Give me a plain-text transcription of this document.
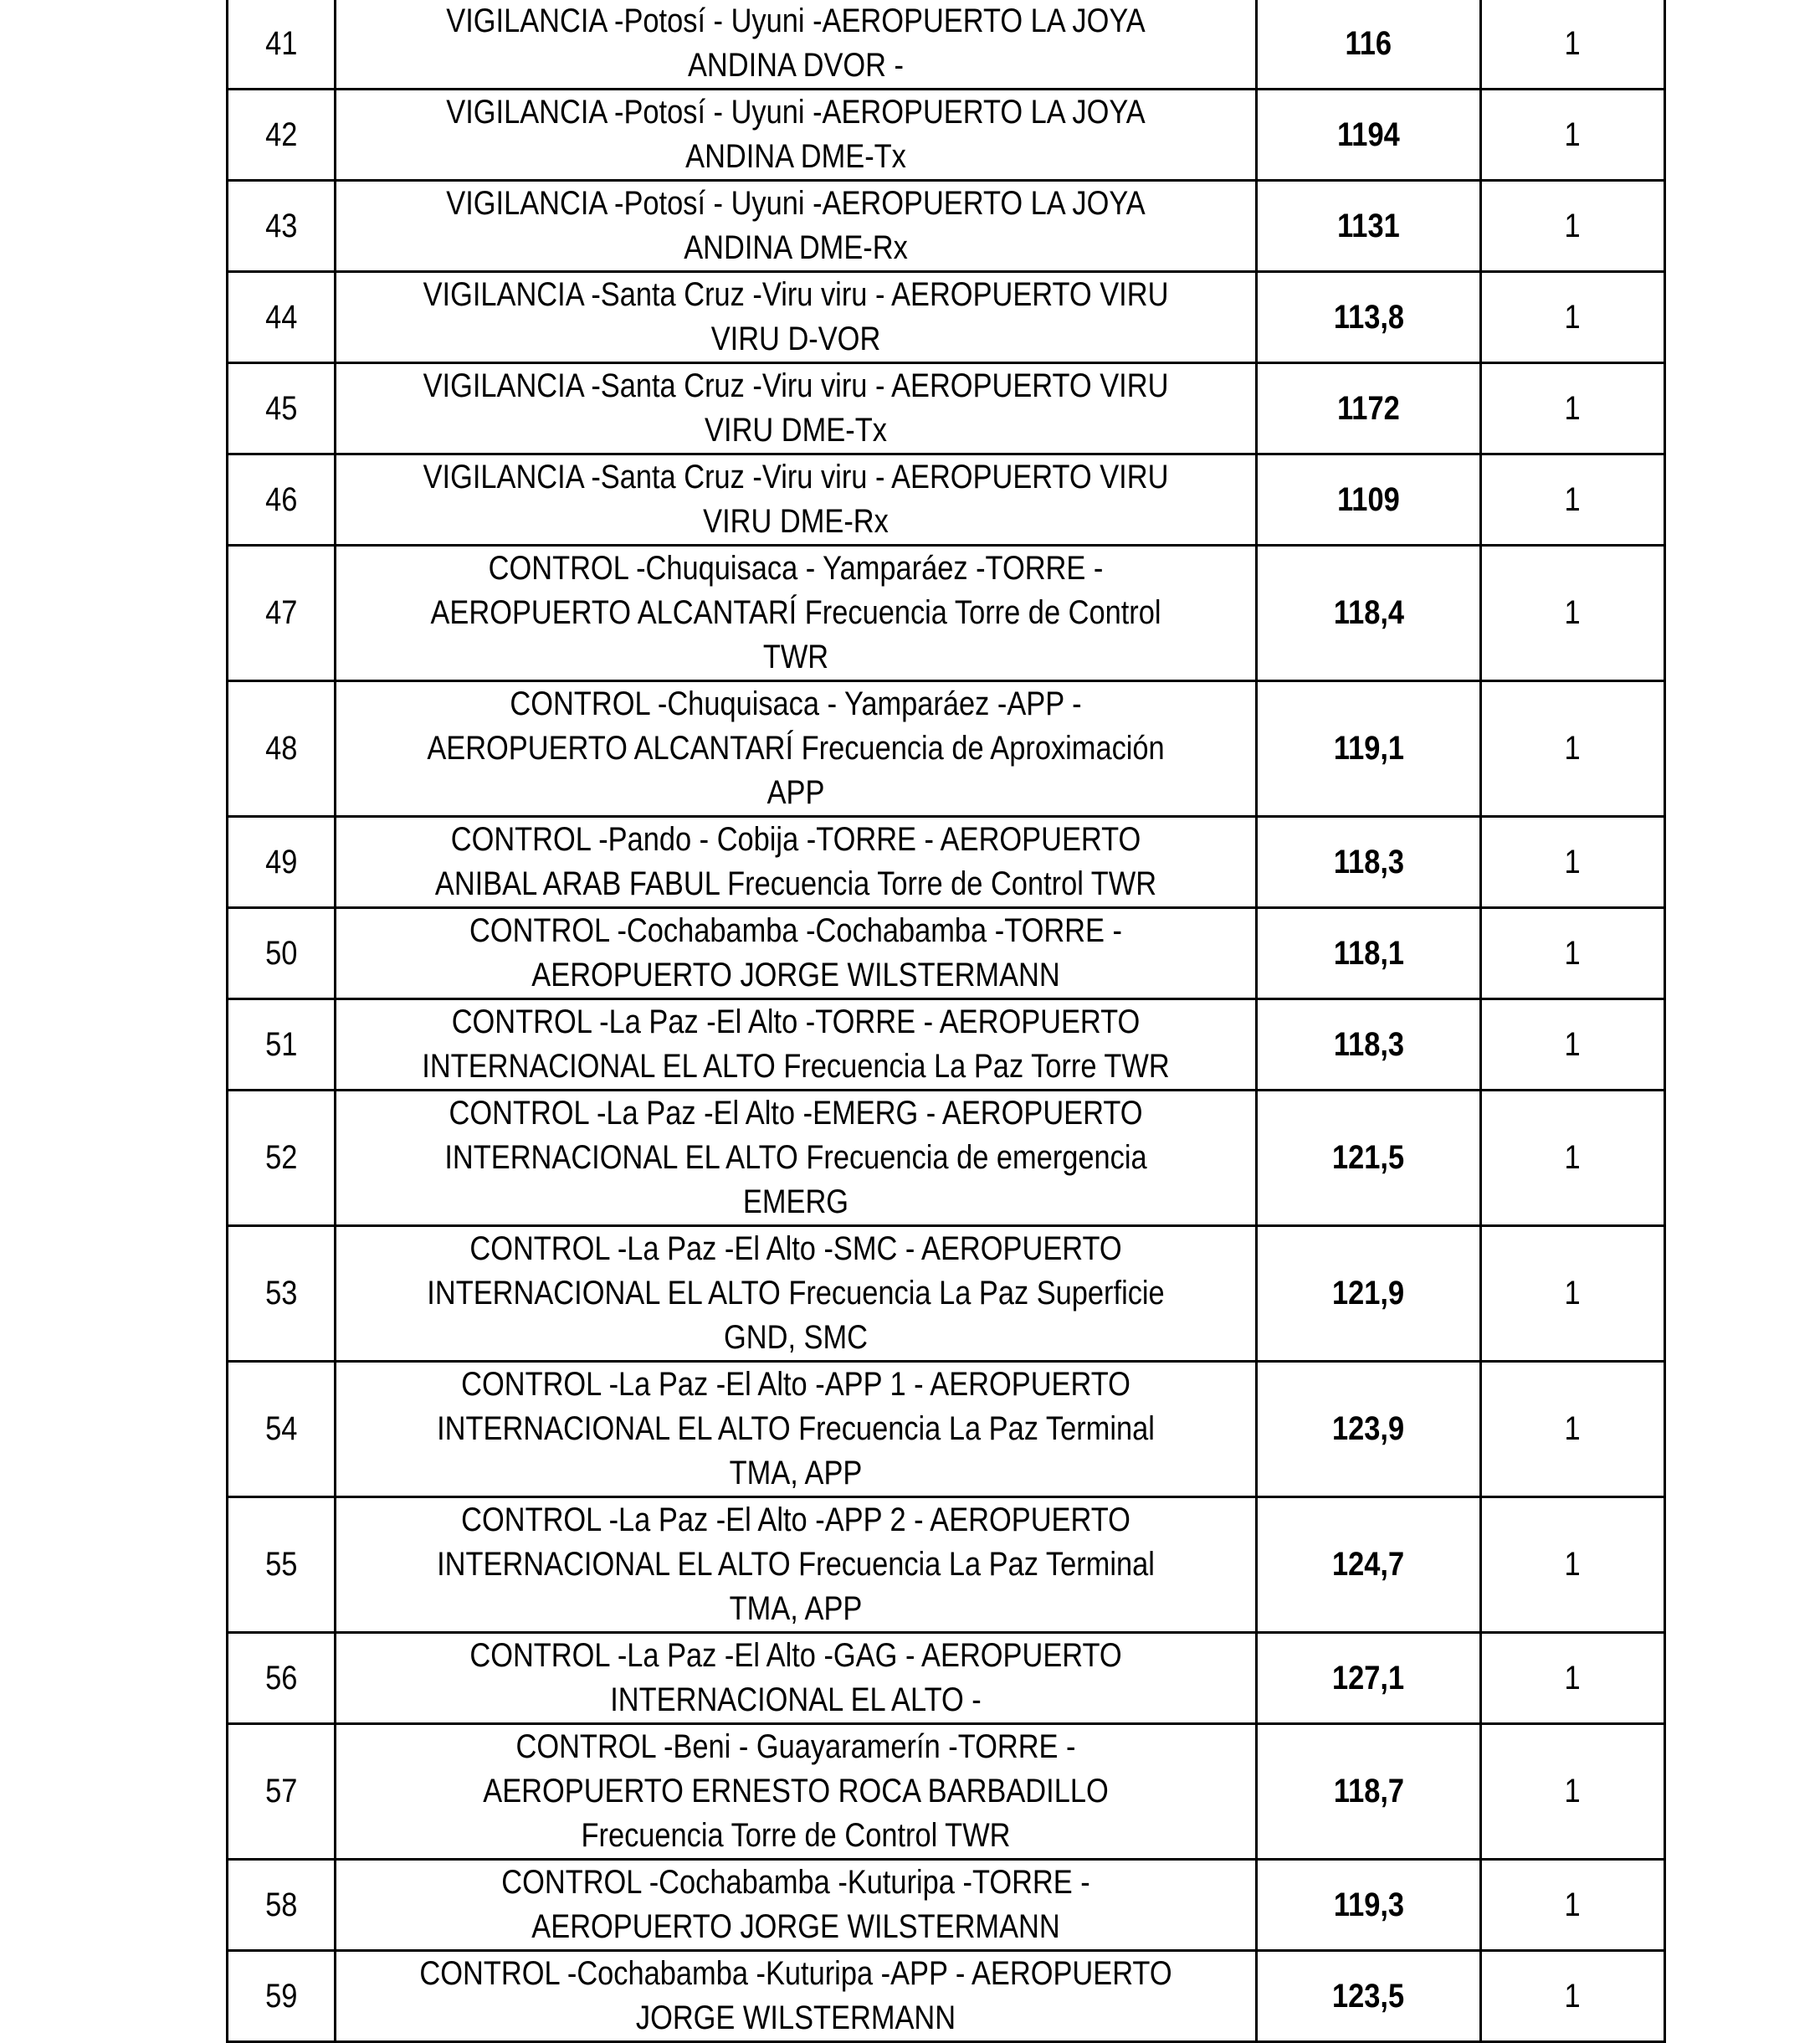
41	VIGILANCIA -Potosí - Uyuni -AEROPUERTO LA JOYA ANDINA DVOR -	116	1
42	VIGILANCIA -Potosí - Uyuni -AEROPUERTO LA JOYA ANDINA DME-Tx	1194	1
43	VIGILANCIA -Potosí - Uyuni -AEROPUERTO LA JOYA ANDINA DME-Rx	1131	1
44	VIGILANCIA -Santa Cruz -Viru viru - AEROPUERTO VIRU VIRU D-VOR	113,8	1
45	VIGILANCIA -Santa Cruz -Viru viru - AEROPUERTO VIRU VIRU DME-Tx	1172	1
46	VIGILANCIA -Santa Cruz -Viru viru - AEROPUERTO VIRU VIRU DME-Rx	1109	1
47	CONTROL -Chuquisaca - Yamparáez -TORRE - AEROPUERTO ALCANTARÍ Frecuencia Torre de Control TWR	118,4	1
48	CONTROL -Chuquisaca - Yamparáez -APP - AEROPUERTO ALCANTARÍ Frecuencia de Aproximación APP	119,1	1
49	CONTROL -Pando - Cobija -TORRE - AEROPUERTO ANIBAL ARAB FABUL Frecuencia Torre de Control TWR	118,3	1
50	CONTROL -Cochabamba -Cochabamba -TORRE - AEROPUERTO JORGE WILSTERMANN	118,1	1
51	CONTROL -La Paz -El Alto -TORRE - AEROPUERTO INTERNACIONAL EL ALTO Frecuencia La Paz Torre TWR	118,3	1
52	CONTROL -La Paz -El Alto -EMERG - AEROPUERTO INTERNACIONAL EL ALTO Frecuencia de emergencia EMERG	121,5	1
53	CONTROL -La Paz -El Alto -SMC - AEROPUERTO INTERNACIONAL EL ALTO Frecuencia La Paz Superficie GND, SMC	121,9	1
54	CONTROL -La Paz -El Alto -APP 1 - AEROPUERTO INTERNACIONAL EL ALTO Frecuencia La Paz Terminal TMA, APP	123,9	1
55	CONTROL -La Paz -El Alto -APP 2 - AEROPUERTO INTERNACIONAL EL ALTO Frecuencia La Paz Terminal TMA, APP	124,7	1
56	CONTROL -La Paz -El Alto -GAG - AEROPUERTO INTERNACIONAL EL ALTO -	127,1	1
57	CONTROL -Beni - Guayaramerín -TORRE - AEROPUERTO ERNESTO ROCA BARBADILLO Frecuencia Torre de Control TWR	118,7	1
58	CONTROL -Cochabamba -Kuturipa -TORRE - AEROPUERTO JORGE WILSTERMANN	119,3	1
59	CONTROL -Cochabamba -Kuturipa -APP - AEROPUERTO JORGE WILSTERMANN	123,5	1
